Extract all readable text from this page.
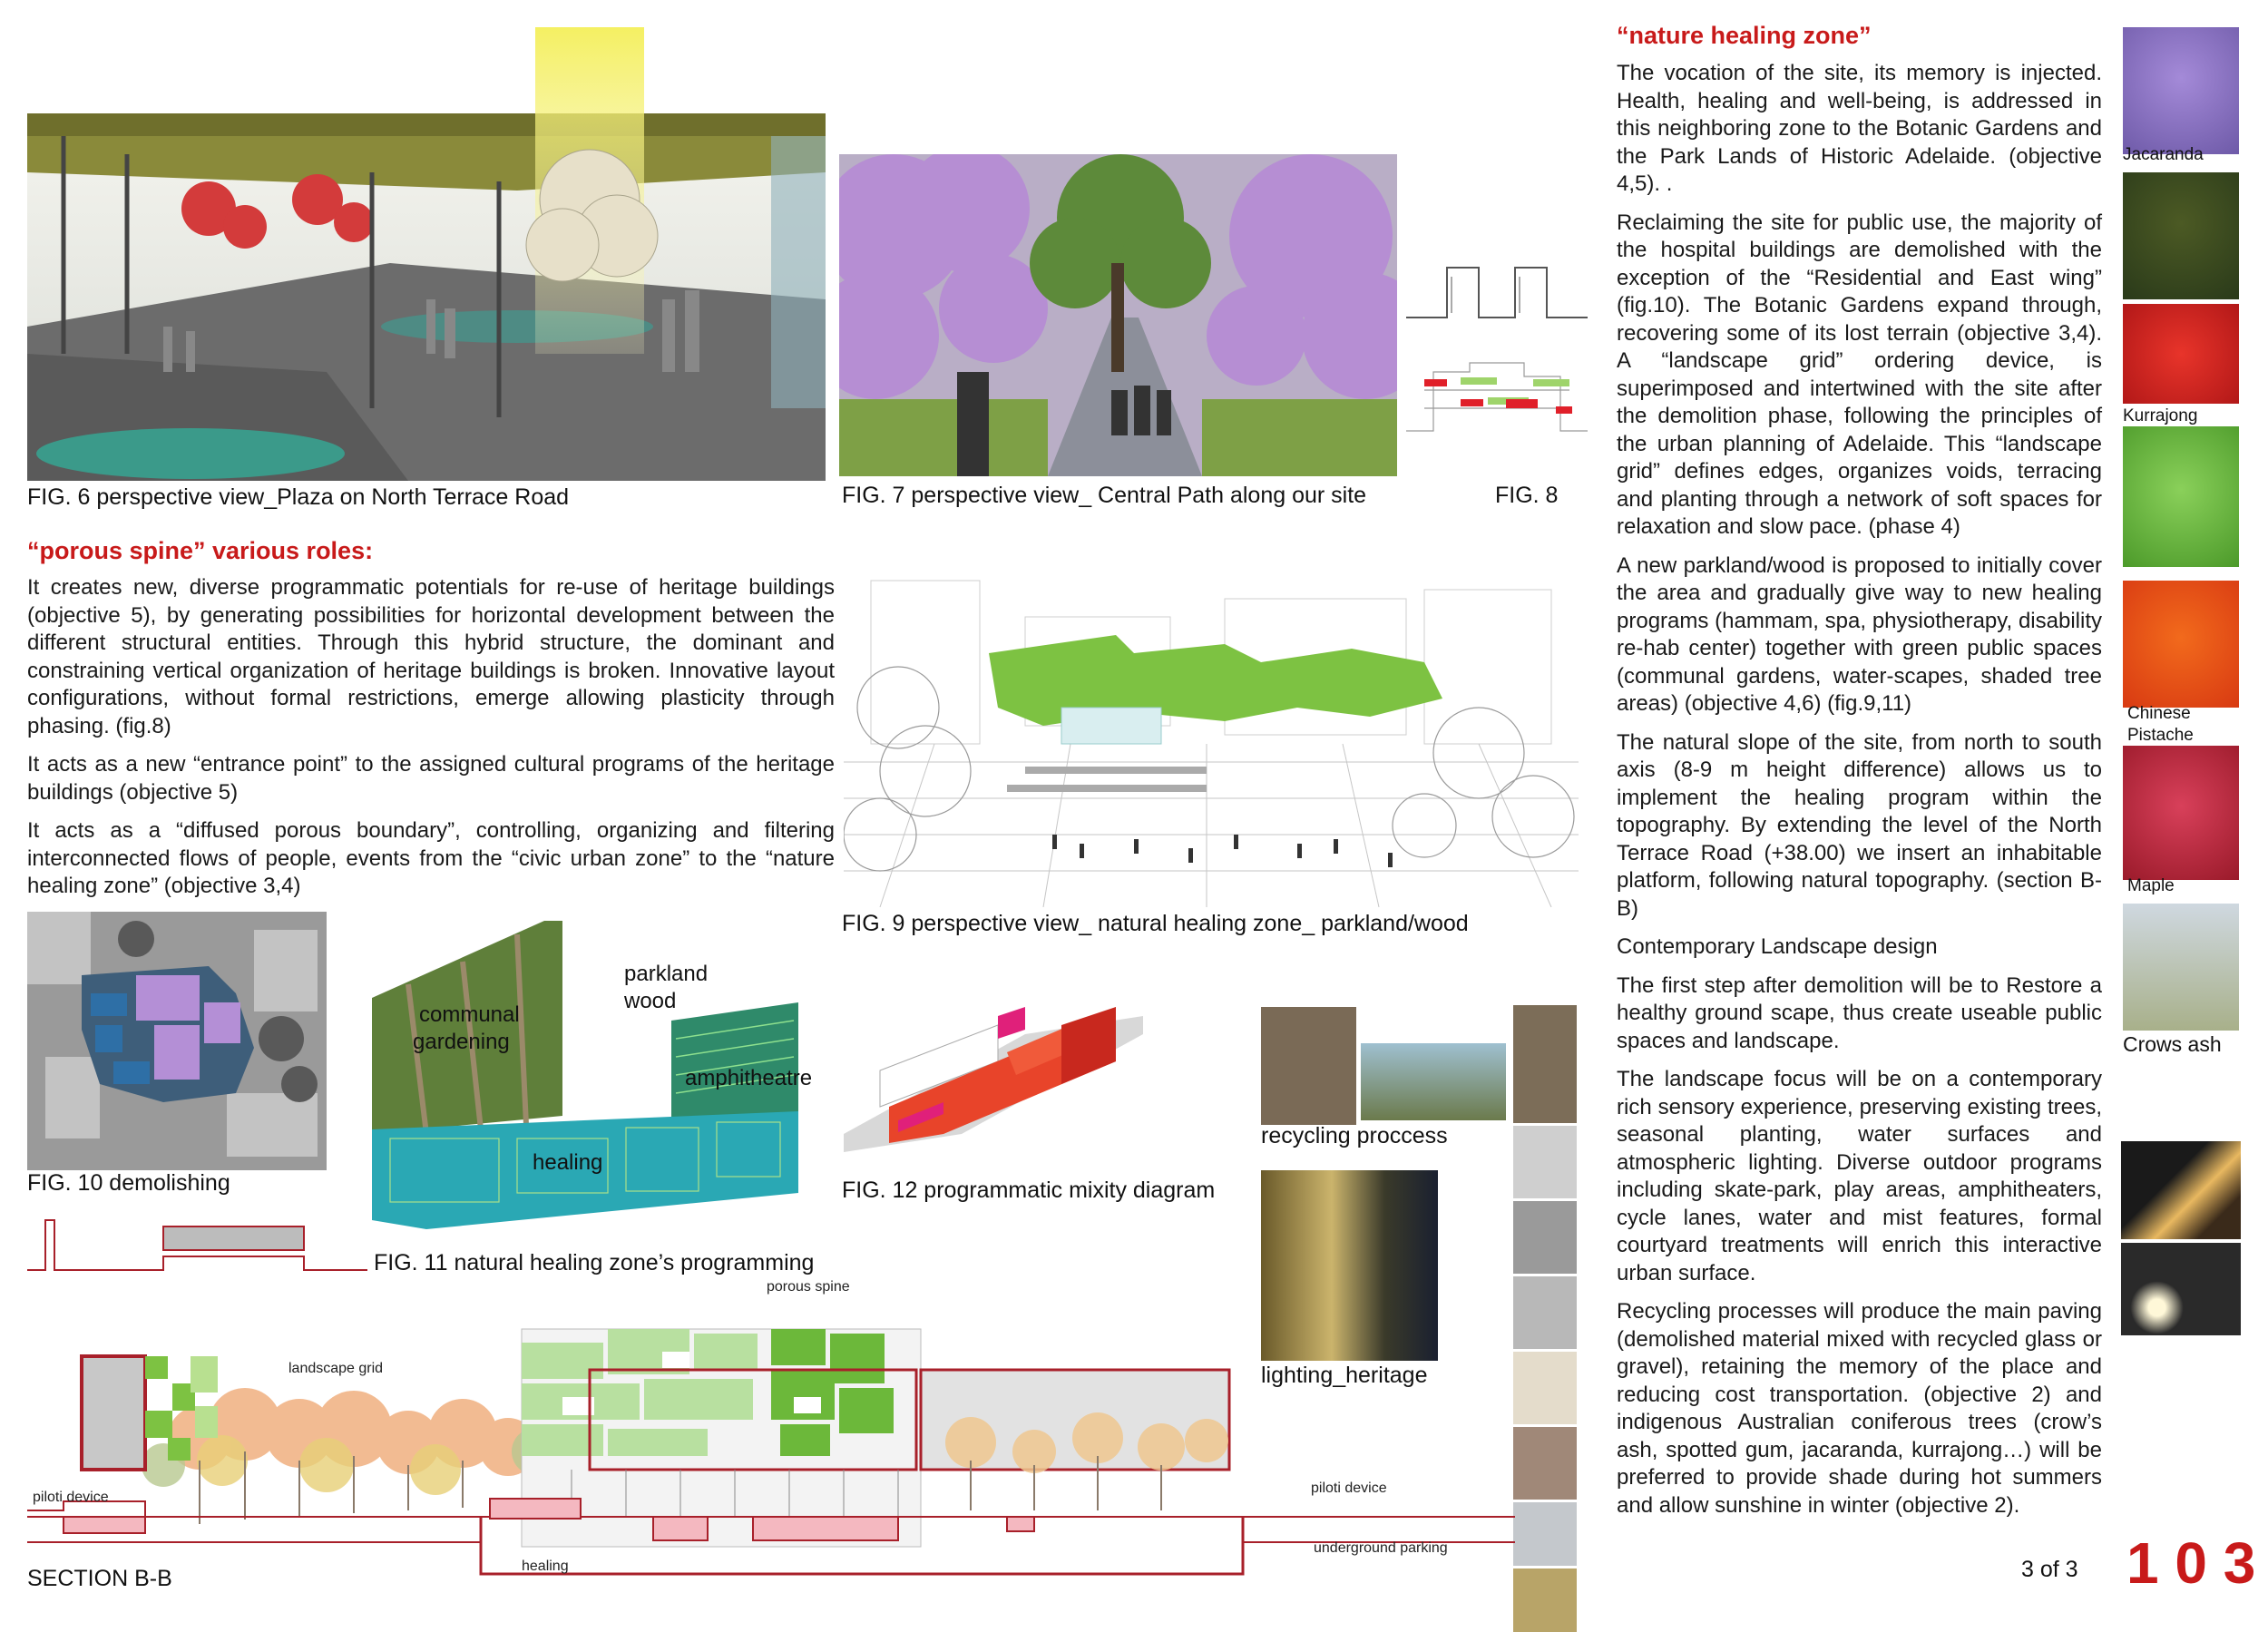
FIG. 6 perspective view_Plaza on North Terrace Road	FIG. 7 perspective view_ Central Path along our site	FIG. 8
“porous spine” various roles:

It creates new, diverse programmatic potentials for re-use of heritage buildings (objective 5), by generating possibilities for horizontal development between the different structural entities. Through this hybrid structure, the dominant and constraining vertical organization of heritage buildings is broken. Innovative layout configurations, without formal restrictions, emerge allowing plasticity through phasing. (fig.8)

It acts as a new “entrance point” to the assigned cultural programs of the heritage buildings (objective 5)

It acts as a “diffused porous boundary”, controlling, organizing and filtering interconnected flows of people, events from the “civic urban zone” to the “nature healing zone” (objective 3,4)

FIG. 9 perspective view_ natural healing zone_ parkland/wood
FIG. 10 demolishing
parkland
wood
communal
gardening
amphitheatre
healing
FIG. 11 natural healing zone’s programming
FIG. 12 programmatic mixity diagram
recycling proccess
lighting_heritage
“nature healing zone”

The vocation of the site, its memory is injected. Health, healing and well-being, is addressed in this neighboring zone to the Botanic Gardens and the Park Lands of Historic Adelaide. (objective 4,5). .

Reclaiming the site for public use, the majority of the hospital buildings are demolished with the exception of the “Residential and East wing” (fig.10). The Botanic Gardens expand through, recovering some of its lost terrain (objective 3,4). A “landscape grid” ordering device, is superimposed and intertwined with the site after the demolition phase, following the principles of the urban planning of Adelaide. This “landscape grid” defines edges, organizes voids, terracing and planting through a network of soft spaces for relaxation and slow pace. (phase 4)

A new parkland/wood is proposed to initially cover the area and gradually give way to new healing programs (hammam, spa, physiotherapy, disability re-hab center) together with green public spaces (communal gardens, water-scapes, shaded tree areas) (objective 4,6) (fig.9,11)

The natural slope of the site, from north to south axis (8-9 m height difference) allows us to implement the healing program within the topography. By extending the level of the North Terrace Road (+38.00) we insert an inhabitable platform, following natural topography. (section B-B)

Contemporary Landscape design

The first step after demolition will be to Restore a healthy ground scape, thus create useable public spaces and landscape.

The landscape focus will be on a contemporary rich sensory experience, preserving existing trees, seasonal planting, water surfaces and atmospheric lighting. Diverse outdoor programs including skate-park, play areas, amphitheaters, cycle lanes, water and mist features, formal courtyard treatments will enrich this interactive urban surface.

Recycling processes will produce the main paving (demolished material mixed with recycled glass or gravel), retaining the memory of the place and reducing cost transportation. (objective 2) and indigenous Australian coniferous trees (crow’s ash, spotted gum, jacaranda, kurrajong…) will be preferred to provide shade during hot summers and allow sunshine in winter (objective 2).

Jacaranda
Kurrajong
Chinese
Pistache
Maple
Crows ash
porous spine
landscape grid
piloti device
piloti device
underground parking
healing
SECTION B-B	3 of 3 1 0 3
